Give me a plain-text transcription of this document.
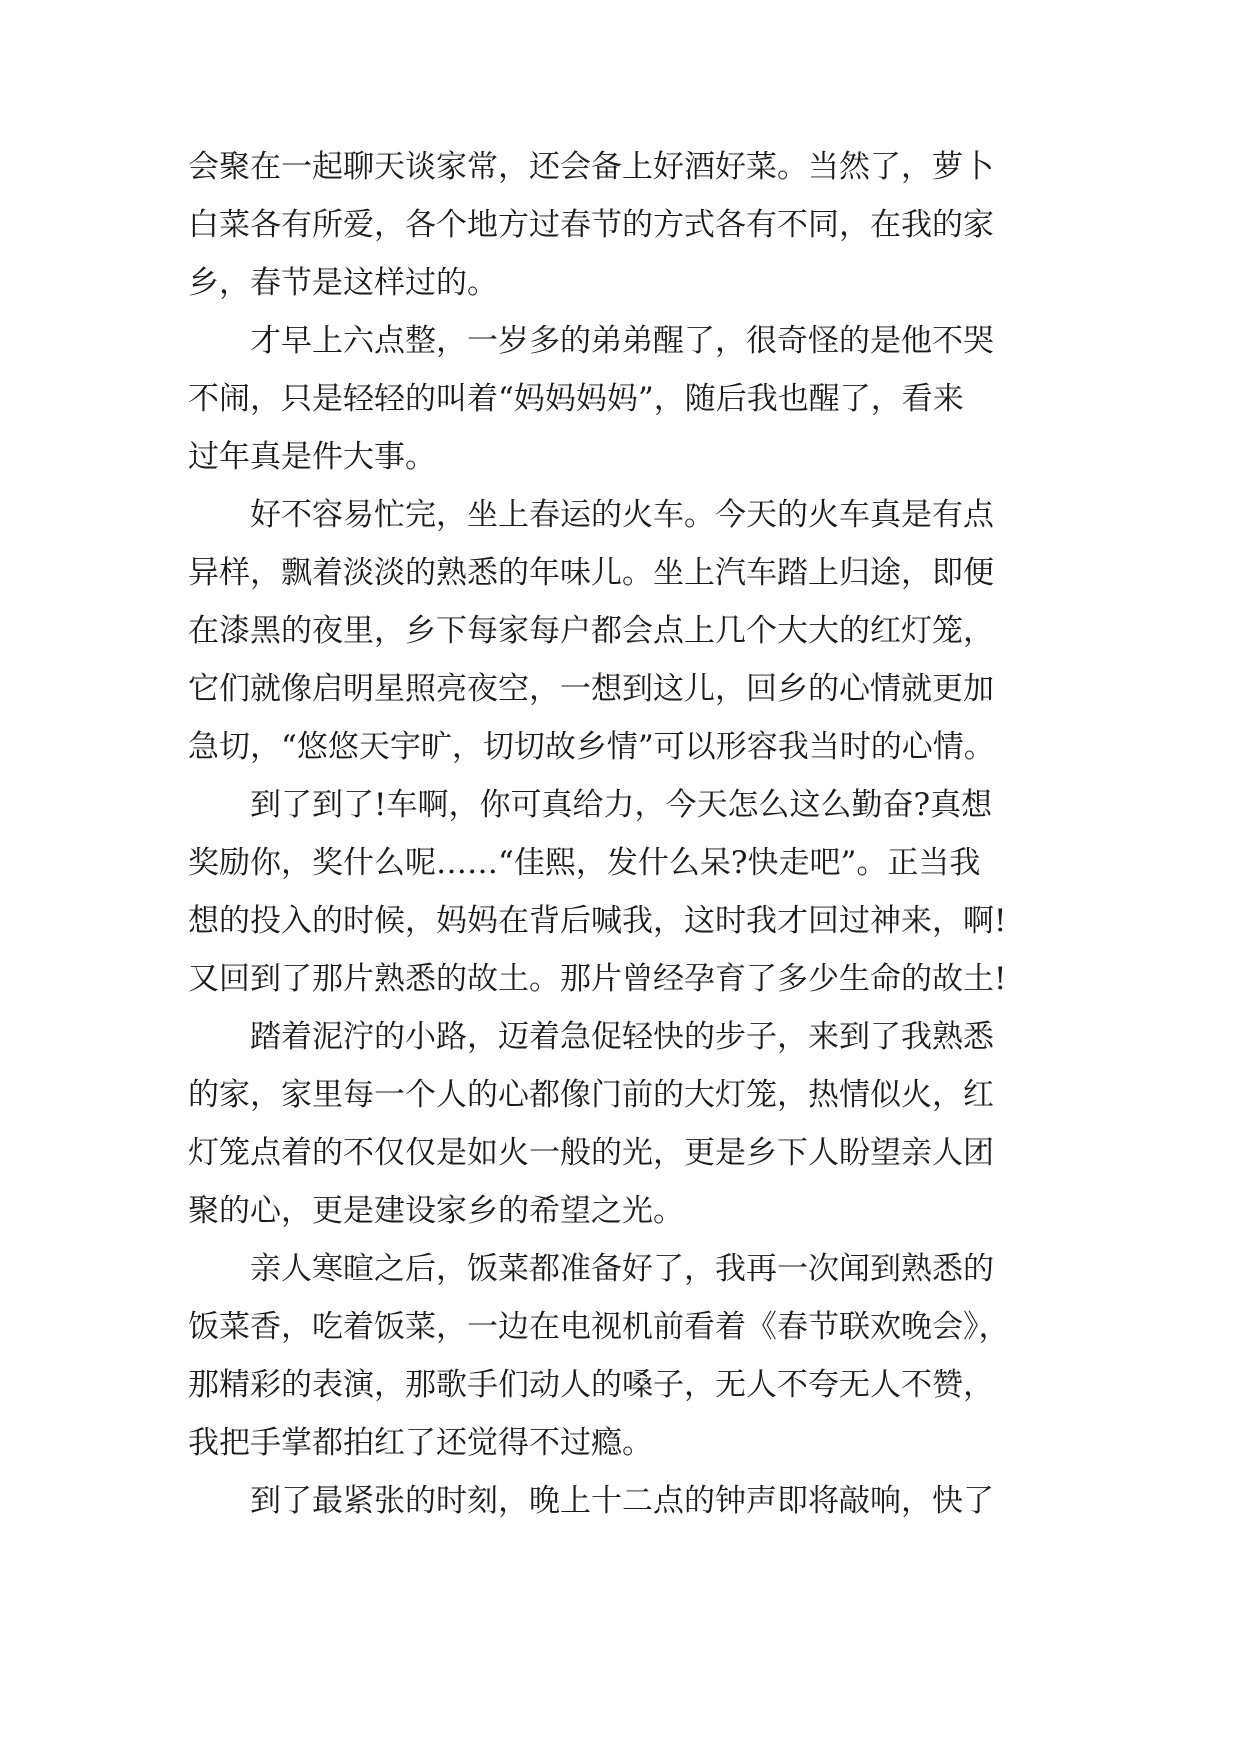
会聚在一起聊天谈家常，还会备上好酒好菜。当然了，萝卜
白菜各有所爱，各个地方过春节的方式各有不同，在我的家
乡，春节是这样过的。
才早上六点整，一岁多的弟弟醒了，很奇怪的是他不哭
不闹，只是轻轻的叫着“妈妈妈妈”，随后我也醒了，看来
过年真是件大事。
好不容易忙完，坐上春运的火车。今天的火车真是有点
异样，飘着淡淡的熟悉的年味儿。坐上汽车踏上归途，即便
在漆黑的夜里，乡下每家每户都会点上几个大大的红灯笼，
它们就像启明星照亮夜空，一想到这儿，回乡的心情就更加
急切，“悠悠天宇旷，切切故乡情”可以形容我当时的心情。
到了到了!车啊，你可真给力，今天怎么这么勤奋?真想
奖励你，奖什么呢……“佳熙，发什么呆?快走吧”。正当我
想的投入的时候，妈妈在背后喊我，这时我才回过神来，啊!
又回到了那片熟悉的故土。那片曾经孕育了多少生命的故土!
踏着泥泞的小路，迈着急促轻快的步子，来到了我熟悉
的家，家里每一个人的心都像门前的大灯笼，热情似火，红
灯笼点着的不仅仅是如火一般的光，更是乡下人盼望亲人团
聚的心，更是建设家乡的希望之光。
亲人寒暄之后，饭菜都准备好了，我再一次闻到熟悉的
饭菜香，吃着饭菜，一边在电视机前看着《春节联欢晚会》，
那精彩的表演，那歌手们动人的嗓子，无人不夸无人不赞，
我把手掌都拍红了还觉得不过瘾。
到了最紧张的时刻，晚上十二点的钟声即将敲响，快了
